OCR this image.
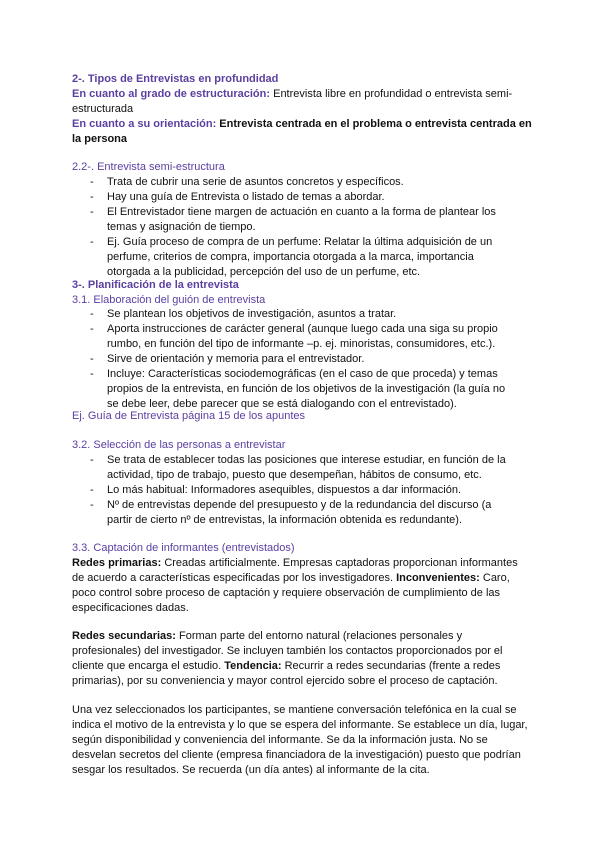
2-. Tipos de Entrevistas en profundidad
En cuanto al grado de estructuración: Entrevista libre en profundidad o entrevista semi-estructurada
En cuanto a su orientación: Entrevista centrada en el problema o entrevista centrada en la persona
2.2-. Entrevista semi-estructura
- Trata de cubrir una serie de asuntos concretos y específicos.
- Hay una guía de Entrevista o listado de temas a abordar.
- El Entrevistador tiene margen de actuación en cuanto a la forma de plantear los temas y asignación de tiempo.
- Ej. Guía proceso de compra de un perfume: Relatar la última adquisición de un perfume, criterios de compra, importancia otorgada a la marca, importancia otorgada a la publicidad, percepción del uso de un perfume, etc.
3-. Planificación de la entrevista
3.1. Elaboración del guión de entrevista
- Se plantean los objetivos de investigación, asuntos a tratar.
- Aporta instrucciones de carácter general (aunque luego cada una siga su propio rumbo, en función del tipo de informante –p. ej. minoristas, consumidores, etc.).
- Sirve de orientación y memoria para el entrevistador.
- Incluye: Características sociodemográficas (en el caso de que proceda) y temas propios de la entrevista, en función de los objetivos de la investigación (la guía no se debe leer, debe parecer que se está dialogando con el entrevistado).
Ej. Guía de Entrevista página 15 de los apuntes
3.2. Selección de las personas a entrevistar
- Se trata de establecer todas las posiciones que interese estudiar, en función de la actividad, tipo de trabajo, puesto que desempeñan, hábitos de consumo, etc.
- Lo más habitual: Informadores asequibles, dispuestos a dar información.
- Nº de entrevistas depende del presupuesto y de la redundancia del discurso (a partir de cierto nº de entrevistas, la información obtenida es redundante).
3.3. Captación de informantes (entrevistados)
Redes primarias: Creadas artificialmente. Empresas captadoras proporcionan informantes de acuerdo a características especificadas por los investigadores. Inconvenientes: Caro, poco control sobre proceso de captación y requiere observación de cumplimiento de las especificaciones dadas.
Redes secundarias: Forman parte del entorno natural (relaciones personales y profesionales) del investigador. Se incluyen también los contactos proporcionados por el cliente que encarga el estudio. Tendencia: Recurrir a redes secundarias (frente a redes primarias), por su conveniencia y mayor control ejercido sobre el proceso de captación.
Una vez seleccionados los participantes, se mantiene conversación telefónica en la cual se indica el motivo de la entrevista y lo que se espera del informante. Se establece un día, lugar, según disponibilidad y conveniencia del informante. Se da la información justa. No se desvelan secretos del cliente (empresa financiadora de la investigación) puesto que podrían sesgar los resultados. Se recuerda (un día antes) al informante de la cita.
